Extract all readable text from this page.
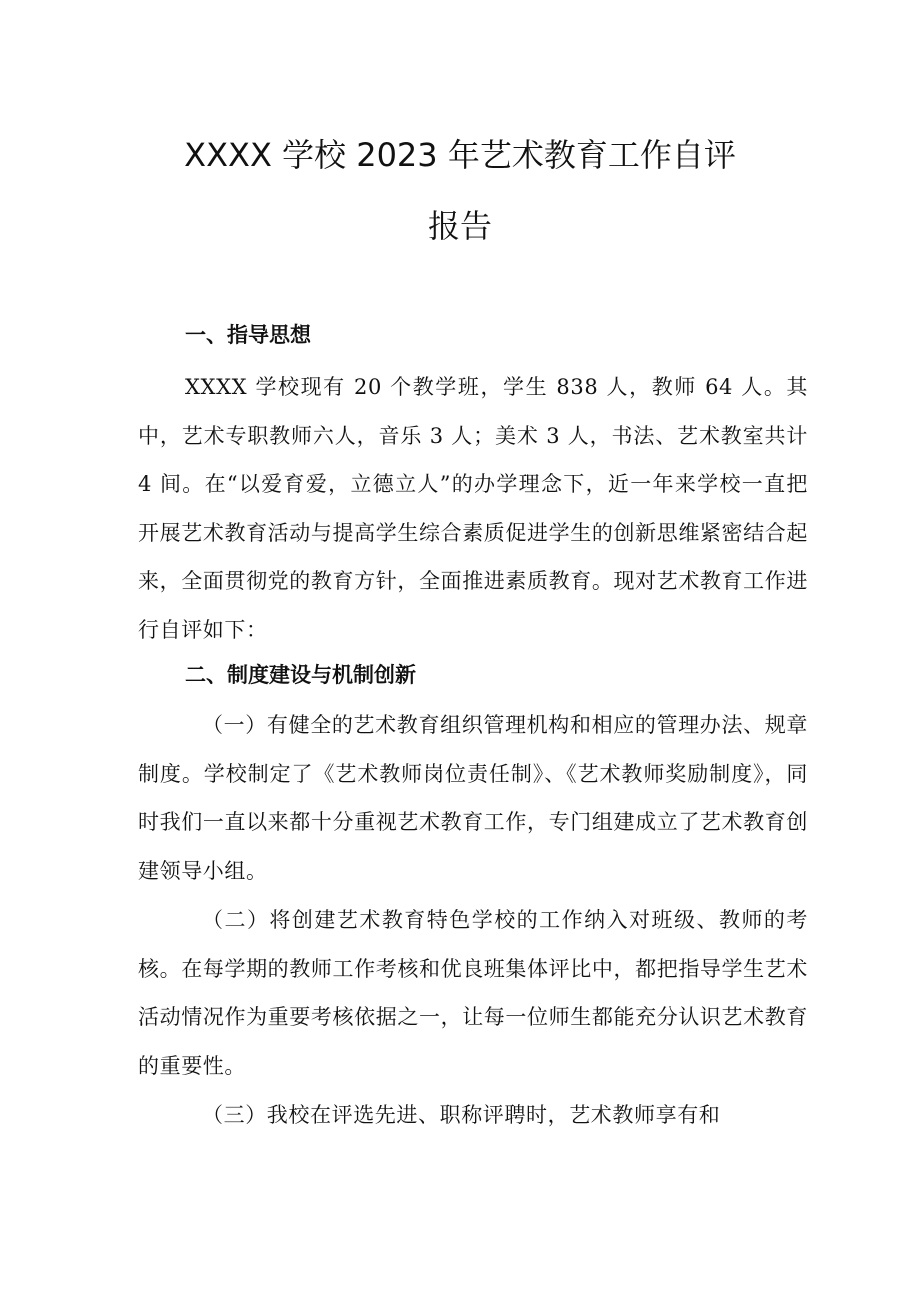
XXXX 学校 2023 年艺术教育工作自评
报告
一、指导思想

XXXX 学校现有 20 个教学班，学生 838 人，教师 64 人。其中，艺术专职教师六人，音乐 3 人；美术 3 人，书法、艺术教室共计 4 间。在“以爱育爱，立德立人”的办学理念下，近一年来学校一直把开展艺术教育活动与提高学生综合素质促进学生的创新思维紧密结合起来，全面贯彻党的教育方针，全面推进素质教育。现对艺术教育工作进行自评如下：

二、制度建设与机制创新

（一）有健全的艺术教育组织管理机构和相应的管理办法、规章制度。学校制定了《艺术教师岗位责任制》、《艺术教师奖励制度》，同时我们一直以来都十分重视艺术教育工作，专门组建成立了艺术教育创建领导小组。

（二）将创建艺术教育特色学校的工作纳入对班级、教师的考核。在每学期的教师工作考核和优良班集体评比中，都把指导学生艺术活动情况作为重要考核依据之一，让每一位师生都能充分认识艺术教育的重要性。

（三）我校在评选先进、职称评聘时，艺术教师享有和
